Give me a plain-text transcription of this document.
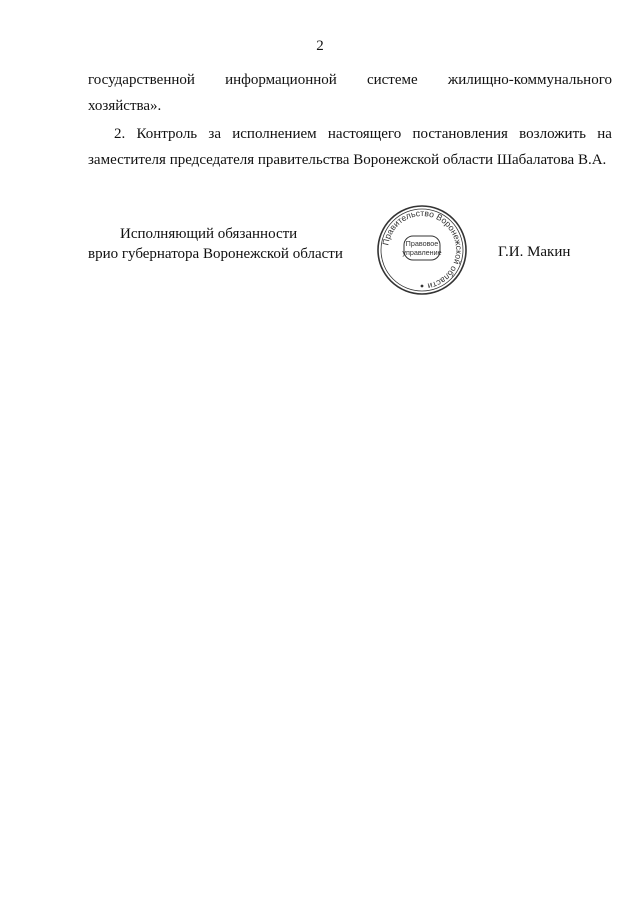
2
государственной информационной системе жилищно-коммунального
хозяйства».
2. Контроль за исполнением настоящего постановления возложить на
заместителя председателя правительства Воронежской области Шабалатова В.А.
Исполняющий обязанности
врио губернатора Воронежской области
Правительство Воронежской области
Правовое
управление	Г.И. Макин
